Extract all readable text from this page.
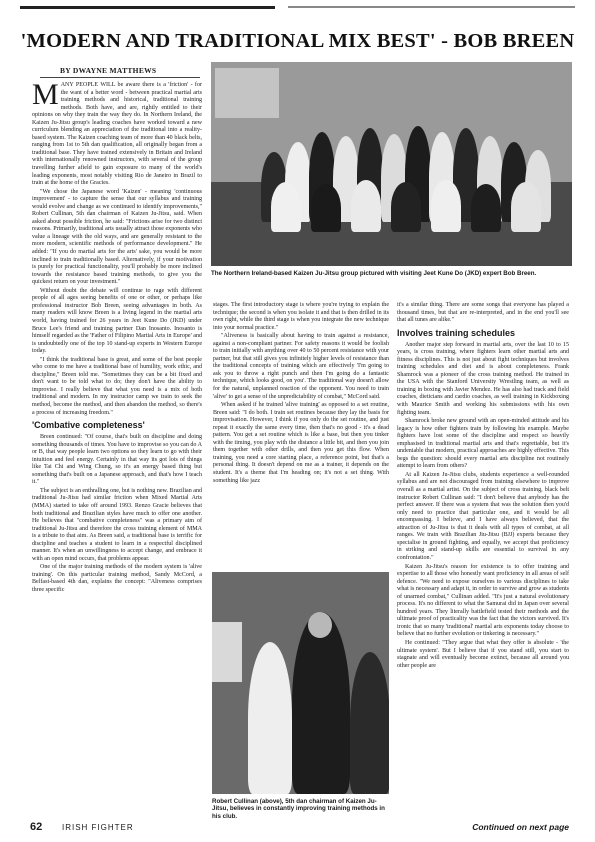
'MODERN AND TRADITIONAL MIX BEST' - BOB BREEN
BY DWAYNE MATTHEWS

MANY PEOPLE WILL be aware there is a 'friction' - for the want of a better word - between practical martial arts training methods and historical, traditional training methods. Both have, and are, rightly entitled to their opinions on why they train the way they do. In Northern Ireland, the Kaizen Ju-Jitsu group's leading coaches have worked toward a new curriculum blending an appreciation of the traditional into a reality-based system. The Kaizen coaching team of more than 40 black belts, ranging from 1st to 5th dan qualification, all originally began from a traditional base. They have trained extensively in Britain and Ireland with internationally renowned instructors, with several of the group travelling further afield to gain exposure to many of the world's leading exponents, most notably visiting Rio de Janeiro in Brazil to train at the home of the Gracies.

"We chose the Japanese word 'Kaizen' - meaning 'continuous improvement' - to capture the sense that our syllabus and training would evolve and change as we continued to identify improvements," Robert Cullinan, 5th dan chairman of Kaizen Ju-Jitsu, said. When asked about possible friction, he said: "Frictions arise for two distinct reasons. Primarily, traditional arts usually attract those exponents who value a lineage with the old ways, and are generally resistant to the more modern, scientific methods of performance development." He added: "If you do martial arts for the arts' sake, you would be more inclined to train traditionally based. Alternatively, if your motivation is purely for practical functionality, you'll probably be more inclined towards the resistance based training methods, to give you the quickest return on your investment."

Without doubt the debate will continue to rage with different people of all ages seeing benefits of one or other, or perhaps like professional instructor Bob Breen, seeing advantages in both. As many readers will know Breen is a living legend in the martial arts world, having trained for 26 years in Jeet Kune Do (JKD) under Bruce Lee's friend and training partner Dan Inosanto. Inosanto is himself regarded as the 'Father of Filipino Martial Arts in Europe' and is undoubtedly one of the top 10 stand-up experts in Western Europe today.

"I think the traditional base is great, and some of the best people who come to me have a traditional base of humility, work ethic, and discipline," Breen told me. "Sometimes they can be a bit fixed and don't want to be told what to do; they don't have the ability to improvise. I really believe that what you need is a mix of both traditional and modern. In my instructor camp we train to seek the method, become the method, and then abandon the method, so there's a process of increasing freedom."

'Combative completeness'

Breen continued: "Of course, that's built on discipline and doing something thousands of times. You have to improvise so you can do A or B, that way people learn two options so they learn to go with their intuition and feel energy. Certainly in that way its got lots of things like Tai Chi and Wing Chung, so it's an energy based thing but something that's built on a Japanese approach, and that's how I teach it."

The subject is an enthralling one, but is nothing new. Brazilian and traditional Ju-Jitsu had similar friction when Mixed Martial Arts (MMA) started to take off around 1993. Renzo Gracie believes that both traditional and Brazilian styles have much to offer one another. He believes that "combative completeness" was a primary aim of traditional Ju-Jitsu and therefore the cross training element of MMA is a tribute to that aim. As Breen said, a traditional base is terrific for discipline and teaches a student to learn in a respectful disciplined manner. It's when an unwillingness to accept change, and embrace it with an open mind occurs, that problems appear.

One of the major training methods of the modern system is 'alive training'. On this particular training method, Sandy McCord, a Belfast-based 4th dan, explains the concept: "Aliveness comprises three specific

The Northern Ireland-based Kaizen Ju-Jitsu group pictured with visiting Jeet Kune Do (JKD) expert Bob Breen.

stages. The first introductory stage is where you're trying to explain the technique; the second is when you isolate it and that is then drilled in its own right, while the third stage is when you integrate the new technique into your normal practice."

"Aliveness is basically about having to train against a resistance, against a non-compliant partner. For safety reasons it would be foolish to train initially with anything over 40 to 50 percent resistance with your partner, but that still gives you infinitely higher levels of resistance than the traditional concepts of training which are effectively 'I'm going to ask you to throw a right punch and then I'm going do a fantastic technique, which looks good, on you'. The traditional way doesn't allow for the natural, unplanned reaction of the opponent. You need to train 'alive' to get a sense of the unpredictability of combat," McCord said.

When asked if he trained 'alive training' as opposed to a set routine, Breen said: "I do both. I train set routines because they lay the basis for improvisation. However, I think if you only do the set routine, and just repeat it exactly the same every time, then that's no good - it's a dead pattern. You get a set routine which is like a base, but then you tinker with the timing, you play with the distance a little bit, and then you join them together with other drills, and then you get this flow. When training, you need a core starting place, a reference point, but that's a personal thing. It doesn't depend on me as a trainer, it depends on the student. It's a theme that I'm heading on; it's not a set thing. With something like jazz

Robert Cullinan (above), 5th dan chairman of Kaizen Ju-Jitsu, believes in constantly improving training methods in his club.

it's a similar thing. There are some songs that everyone has played a thousand times, but that are re-interpreted, and in the end you'll see that all tunes are alike."

Involves training schedules

Another major step forward in martial arts, over the last 10 to 15 years, is cross training, where fighters learn other martial arts and fitness disciplines. This is not just about fight techniques but involves training schedules and diet and is about completeness. Frank Shamrock was a pioneer of the cross training method. He trained in the USA with the Stanford University Wrestling team, as well as training in boxing with Javier Mendez. He has also had track and field coaches, dieticians and cardio coaches, as well training in Kickboxing with Maurice Smith and working his submissions with his own fighting team.

Shamrock broke new ground with an open-minded attitude and his legacy is how other fighters train by following his example. Maybe fighters have lost some of the discipline and respect so heavily emphasised in traditional martial arts and that's regrettable, but it's undeniable that modern, practical approaches are highly effective. This begs the question: should every martial arts discipline not routinely attempt to learn from others?

At all Kaizen Ju-Jitsu clubs, students experience a well-rounded syllabus and are not discouraged from training elsewhere to improve overall as a martial artist. On the subject of cross training, black belt instructor Robert Cullinan said: "I don't believe that anybody has the perfect answer. If there was a system that was the solution then you'd only need to practice that particular one, and it would be all encompassing. I believe, and I have always believed, that the attraction of Ju-Jitsu is that it deals with all types of combat, at all ranges. We train with Brazilian Jiu-Jitsu (BJJ) experts because they specialise in ground fighting, and equally, we accept that proficiency in striking and stand-up skills are essential to survival in any confrontation."

Kaizen Ju-Jitsu's reason for existence is to offer training and expertise to all those who honestly want proficiency in all areas of self defence. "We need to expose ourselves to various disciplines to take what is necessary and adapt it, in order to survive and grow as students of unarmed combat," Cullinan added. "It's just a natural evolutionary process. It's no different to what the Samurai did in Japan over several hundred years. They literally battlefield tested their methods and the ultimate proof of practicality was the fact that the victors survived. It's ironic that so many 'traditional' martial arts exponents today choose to believe that no further evolution or tinkering is necessary."

He continued: "They argue that what they offer is absolute - 'the ultimate system'. But I believe that if you stand still, you start to stagnate and will eventually become extinct, because all around you other people are

Continued on next page
62 IRISH FIGHTER
